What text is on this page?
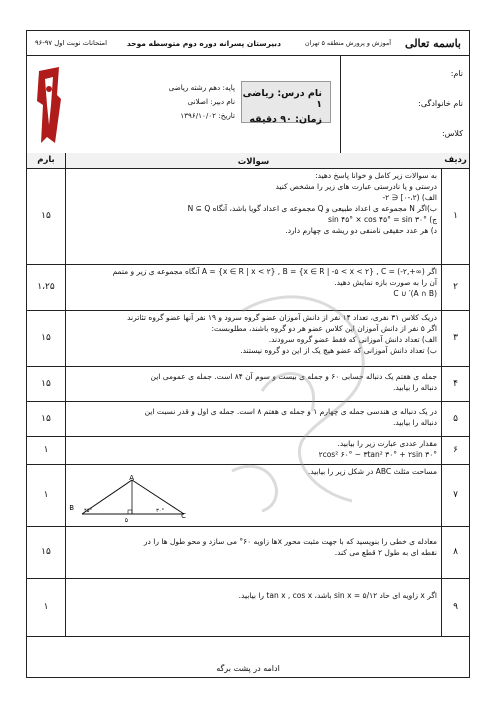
باسمه تعالی
آموزش و پرورش منطقه ۵ تهران
دبیرستان پسرانه دوره دوم متوسطه موحد
امتحانات نوبت اول ۹۷-۹۶
نام:
نام خانوادگی:
کلاس:
نام درس: ریاضی ۱
زمان: ۹۰ دقیقه
پایه: دهم رشته ریاضی
نام دبیر: اصلانی
تاریخ: ۱۳۹۶/۱۰/۰۲
ردیف
سوالات
بارم
۱

به سوالات زیر کامل و خوانا پاسخ دهید:

درستی و یا نادرستی عبارت های زیر را مشخص کنید

الف) (۲،-۰] ∈ ۲-

ب)اگر N مجموعه ی اعداد طبیعی و Q مجموعه ی اعداد گویا باشد، آنگاه N ⊆ Q

ج) sin ۴۵° × cos ۴۵° = sin ۳۰°

د) هر عدد حقیقی نامنفی دو ریشه ی چهارم دارد.

۱۵
۲

اگر A = {x ∈ R | x < ۲} , B = {x ∈ R | -۵ < x < ۲} , C = (-۲,+∞) آنگاه مجموعه ی زیر و متمم

آن را به صورت بازه نمایش دهید.

(A ∩ B)′ ∪ C

۱،۲۵
۳

دریک کلاس ۳۱ نفری، تعداد ۱۴ نفر از دانش آموزان عضو گروه سرود و ۱۹ نفر آنها عضو گروه تئاترند

اگر ۵ نفر از دانش آموزان این کلاس عضو هر دو گروه باشند، مطلوبست:

الف) تعداد دانش آموزانی که فقط عضو گروه سرودند.

ب) تعداد دانش آموزانی که عضو هیچ یک از این دو گروه نیستند.

۱۵
۴

جمله ی هفتم یک دنباله حسابی ۶۰ و جمله ی بیست و سوم آن ۸۴ است. جمله ی عمومی این

دنباله را بیابید.

۱۵
۵

در یک دنباله ی هندسی جمله ی چهارم ۱ و جمله ی هفتم ۸ است. جمله ی اول و قدر نسبت این

دنباله را بیابید.

۱۵
۶

مقدار عددی عبارت زیر را بیابید.

۲cos² ۶۰° − ۳tan² ۳۰° + ۲sin ۳۰°

۱
۷

مساحت مثلث ABC در شکل زیر را بیابید.

B
C
A
۴۵°	۳۰°
۵
۱
۸

معادله ی خطی را بنویسید که با جهت مثبت محور xها زاویه ۶۰° می سازد و محو طول ها را در

نقطه ای به طول ۲ قطع می کند.

۱۵
۹

اگر x زاویه ای حاد sin x = ۵/۱۲ باشد، tan x , cos x را بیابید.

۱
ادامه در پشت برگه
